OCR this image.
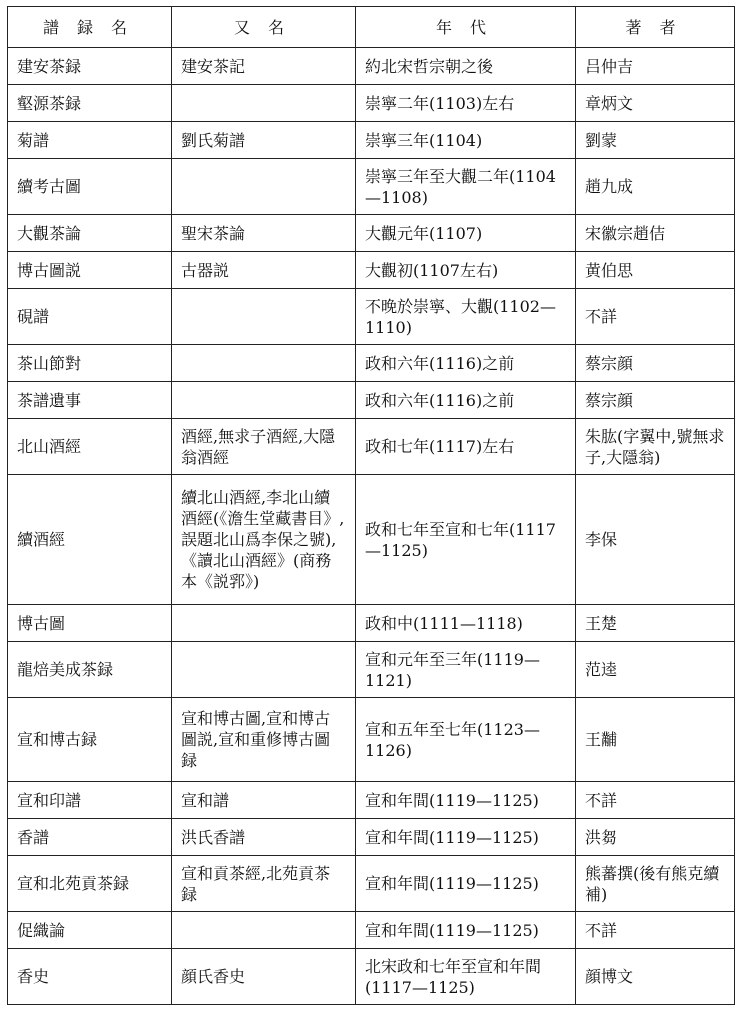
譜録名	又名	年代	著者
建安茶録	建安茶記	約北宋哲宗朝之後	吕仲吉
壑源茶録		崇寧二年(1103)左右	章炳文
菊譜	劉氏菊譜	崇寧三年(1104)	劉蒙
續考古圖		崇寧三年至大觀二年(1104—1108)	趙九成
大觀茶論	聖宋茶論	大觀元年(1107)	宋徽宗趙佶
博古圖説	古器説	大觀初(1107左右)	黄伯思
硯譜		不晚於崇寧、大觀(1102—1110)	不詳
茶山節對		政和六年(1116)之前	蔡宗顔
茶譜遺事		政和六年(1116)之前	蔡宗顔
北山酒經	酒經,無求子酒經,大隱翁酒經	政和七年(1117)左右	朱肱(字翼中,號無求子,大隱翁)
續酒經	續北山酒經,李北山續酒經(《澹生堂藏書目》,誤題北山爲李保之號),《讀北山酒經》(商務本《説郛》)	政和七年至宣和七年(1117—1125)	李保
博古圖		政和中(1111—1118)	王楚
龍焙美成茶録		宣和元年至三年(1119—1121)	范逵
宣和博古録	宣和博古圖,宣和博古圖説,宣和重修博古圖録	宣和五年至七年(1123—1126)	王黼
宣和印譜	宣和譜	宣和年間(1119—1125)	不詳
香譜	洪氏香譜	宣和年間(1119—1125)	洪芻
宣和北苑貢茶録	宣和貢茶經,北苑貢茶録	宣和年間(1119—1125)	熊蕃撰(後有熊克續補)
促織論		宣和年間(1119—1125)	不詳
香史	顔氏香史	北宋政和七年至宣和年間(1117—1125)	顔博文
